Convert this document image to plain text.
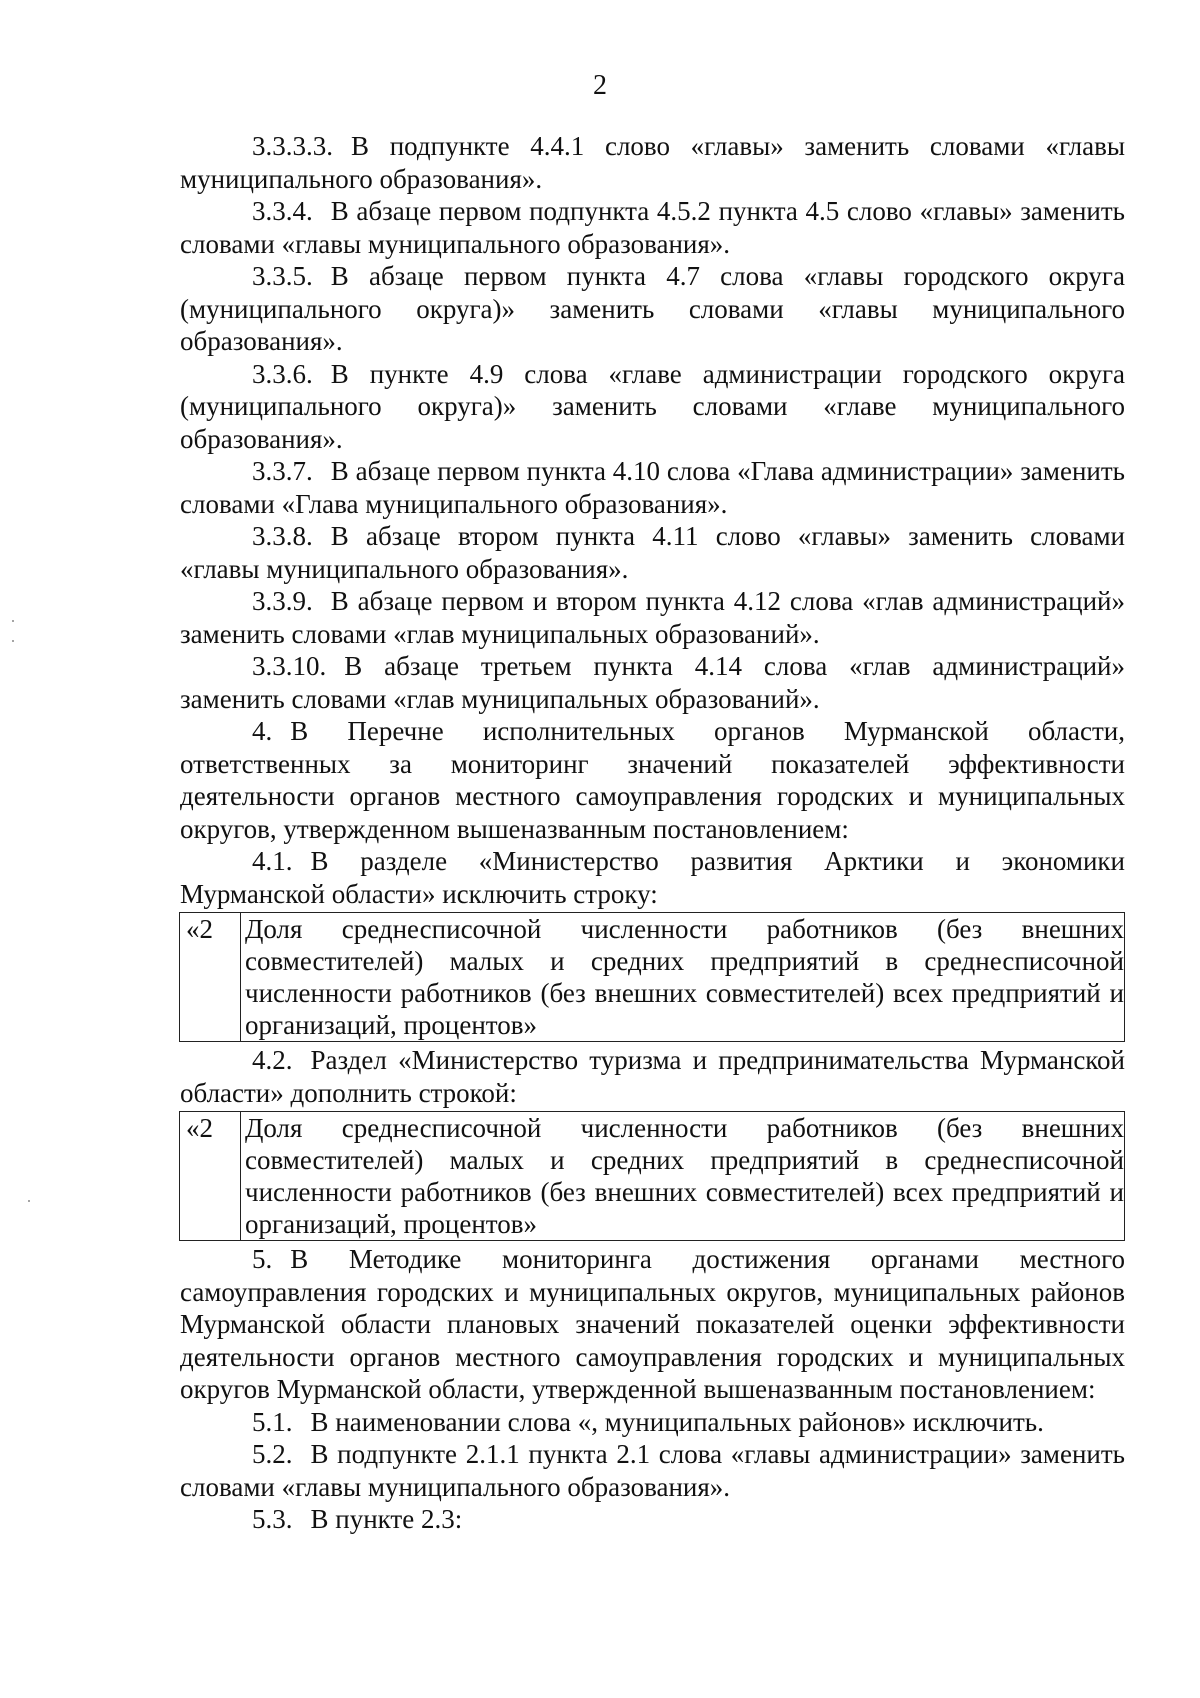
2

3.3.3.3. В подпункте 4.4.1 слово «главы» заменить словами «главы муниципального образования».

3.3.4. В абзаце первом подпункта 4.5.2 пункта 4.5 слово «главы» заменить словами «главы муниципального образования».

3.3.5. В абзаце первом пункта 4.7 слова «главы городского округа (муниципального округа)» заменить словами «главы муниципального образования».

3.3.6. В пункте 4.9 слова «главе администрации городского округа (муниципального округа)» заменить словами «главе муниципального образования».

3.3.7. В абзаце первом пункта 4.10 слова «Глава администрации» заменить словами «Глава муниципального образования».

3.3.8. В абзаце втором пункта 4.11 слово «главы» заменить словами «главы муниципального образования».

3.3.9. В абзаце первом и втором пункта 4.12 слова «глав администраций» заменить словами «глав муниципальных образований».

3.3.10. В абзаце третьем пункта 4.14 слова «глав администраций» заменить словами «глав муниципальных образований».

4. В Перечне исполнительных органов Мурманской области, ответственных за мониторинг значений показателей эффективности деятельности органов местного самоуправления городских и муниципальных округов, утвержденном вышеназванным постановлением:

4.1. В разделе «Министерство развития Арктики и экономики Мурманской области» исключить строку:

«2	Доля среднесписочной численности работников (без внешних совместителей) малых и средних предприятий в среднесписочной численности работников (без внешних совместителей) всех предприятий и организаций, процентов»

4.2. Раздел «Министерство туризма и предпринимательства Мурманской области» дополнить строкой:

«2	Доля среднесписочной численности работников (без внешних совместителей) малых и средних предприятий в среднесписочной численности работников (без внешних совместителей) всех предприятий и организаций, процентов»

5. В Методике мониторинга достижения органами местного самоуправления городских и муниципальных округов, муниципальных районов Мурманской области плановых значений показателей оценки эффективности деятельности органов местного самоуправления городских и муниципальных округов Мурманской области, утвержденной вышеназванным постановлением:

5.1. В наименовании слова «, муниципальных районов» исключить.

5.2. В подпункте 2.1.1 пункта 2.1 слова «главы администрации» заменить словами «главы муниципального образования».

5.3. В пункте 2.3:
